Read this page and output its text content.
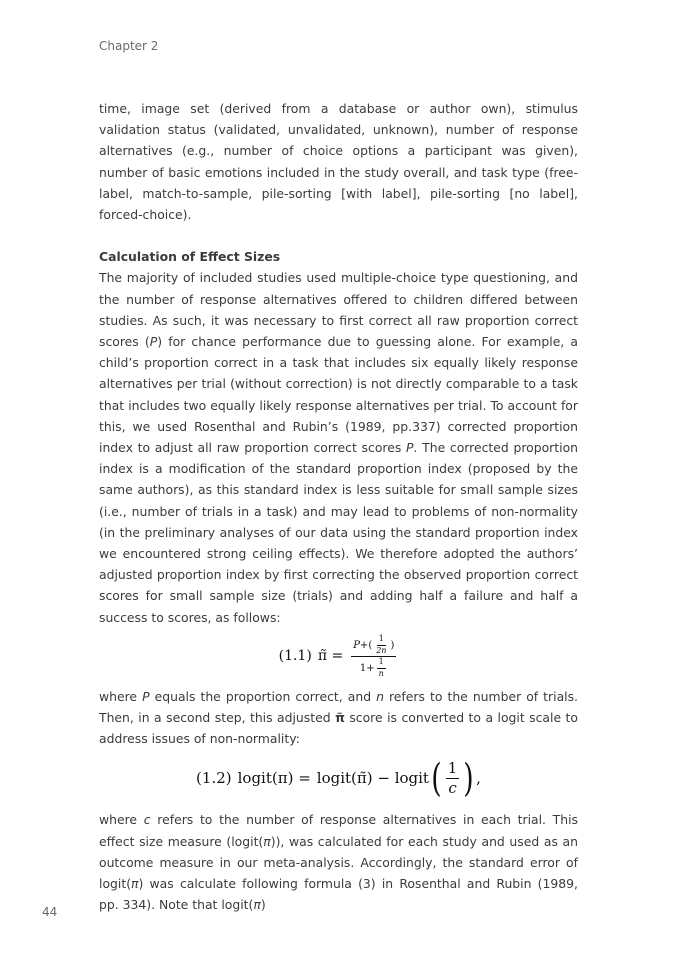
Chapter 2

time, image set (derived from a database or author own), stimulus validation status (validated, unvalidated, unknown), number of response alternatives (e.g., number of choice options a participant was given), number of basic emotions included in the study overall, and task type (free-label, match-to-sample, pile-sorting [with label], pile-sorting [no label], forced-choice).

Calculation of Effect Sizes

The majority of included studies used multiple-choice type questioning, and the number of response alternatives offered to children differed between studies. As such, it was necessary to first correct all raw proportion correct scores (P) for chance performance due to guessing alone. For example, a child’s proportion correct in a task that includes six equally likely response alternatives per trial (without correction) is not directly comparable to a task that includes two equally likely response alternatives per trial. To account for this, we used Rosenthal and Rubin’s (1989, pp.337) corrected proportion index to adjust all raw proportion correct scores P. The corrected proportion index is a modification of the standard proportion index (proposed by the same authors), as this standard index is less suitable for small sample sizes (i.e., number of trials in a task) and may lead to problems of non-normality (in the preliminary analyses of our data using the standard proportion index we encountered strong ceiling effects). We therefore adopted the authors’ adjusted proportion index by first correcting the observed proportion correct scores for small sample size (trials) and adding half a failure and half a success to scores, as follows:

(1.1) π̃ = $\frac{P+( \frac{1}{2n} )}{1+ \frac{1}{n}}$

where P equals the proportion correct, and n refers to the number of trials. Then, in a second step, this adjusted π̃ score is converted to a logit scale to address issues of non-normality:

(1.2) logit(π) = logit(π̃) − logit ( $\frac{1}{c}$ ) ,

where c refers to the number of response alternatives in each trial. This effect size measure (logit(π)), was calculated for each study and used as an outcome measure in our meta-analysis. Accordingly, the standard error of logit(π) was calculate following formula (3) in Rosenthal and Rubin (1989, pp. 334). Note that logit(π)

44
